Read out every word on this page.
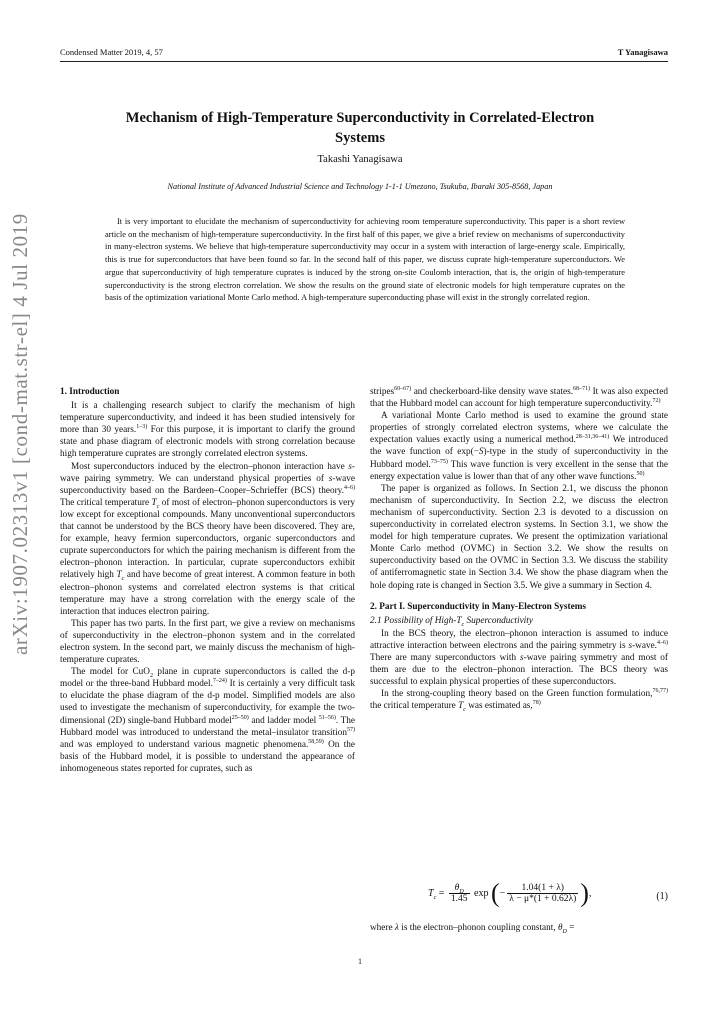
Condensed Matter 2019, 4, 57	T Yanagisawa
arXiv:1907.02313v1 [cond-mat.str-el] 4 Jul 2019
Mechanism of High-Temperature Superconductivity in Correlated-Electron Systems
Takashi Yanagisawa
National Institute of Advanced Industrial Science and Technology 1-1-1 Umezono, Tsukuba, Ibaraki 305-8568, Japan
It is very important to elucidate the mechanism of superconductivity for achieving room temperature superconductivity. This paper is a short review article on the mechanism of high-temperature superconductivity. In the first half of this paper, we give a brief review on mechanisms of superconductivity in many-electron systems. We believe that high-temperature superconductivity may occur in a system with interaction of large-energy scale. Empirically, this is true for superconductors that have been found so far. In the second half of this paper, we discuss cuprate high-temperature superconductors. We argue that superconductivity of high temperature cuprates is induced by the strong on-site Coulomb interaction, that is, the origin of high-temperature superconductivity is the strong electron correlation. We show the results on the ground state of electronic models for high temperature cuprates on the basis of the optimization variational Monte Carlo method. A high-temperature superconducting phase will exist in the strongly correlated region.
1. Introduction

It is a challenging research subject to clarify the mechanism of high temperature superconductivity, and indeed it has been studied intensively for more than 30 years.$^{1-3)}$ For this purpose, it is important to clarify the ground state and phase diagram of electronic models with strong correlation because high temperature cuprates are strongly correlated electron systems.

Most superconductors induced by the electron–phonon interaction have s-wave pairing symmetry. We can understand physical properties of s-wave superconductivity based on the Bardeen–Cooper–Schrieffer (BCS) theory.$^{4-6)}$ The critical temperature $T_c$ of most of electron–phonon superconductors is very low except for exceptional compounds. Many unconventional superconductors that cannot be understood by the BCS theory have been discovered. They are, for example, heavy fermion superconductors, organic superconductors and cuprate superconductors for which the pairing mechanism is different from the electron–phonon interaction. In particular, cuprate superconductors exhibit relatively high $T_c$ and have become of great interest. A common feature in both electron–phonon systems and correlated electron systems is that critical temperature may have a strong correlation with the energy scale of the interaction that induces electron pairing.

This paper has two parts. In the first part, we give a review on mechanisms of superconductivity in the electron–phonon system and in the correlated electron system. In the second part, we mainly discuss the mechanism of high-temperature cuprates.

The model for CuO$_2$ plane in cuprate superconductors is called the d-p model or the three-band Hubbard model.$^{7-24)}$ It is certainly a very difficult task to elucidate the phase diagram of the d-p model. Simplified models are also used to investigate the mechanism of superconductivity, for example the two-dimensional (2D) single-band Hubbard model$^{25-50)}$ and ladder model $^{51-56)}$. The Hubbard model was introduced to understand the metal–insulator transition$^{57)}$ and was employed to understand various magnetic phenomena.$^{58,59)}$ On the basis of the Hubbard model, it is possible to understand the appearance of inhomogeneous states reported for cuprates, such as

stripes$^{60-67)}$ and checkerboard-like density wave states.$^{68-71)}$ It was also expected that the Hubbard model can account for high temperature superconductivity.$^{72)}$

A variational Monte Carlo method is used to examine the ground state properties of strongly correlated electron systems, where we calculate the expectation values exactly using a numerical method.$^{28-31,36-41)}$ We introduced the wave function of exp(−S)-type in the study of superconductivity in the Hubbard model.$^{73-75)}$ This wave function is very excellent in the sense that the energy expectation value is lower than that of any other wave functions.$^{50)}$

The paper is organized as follows. In Section 2.1, we discuss the phonon mechanism of superconductivity. In Section 2.2, we discuss the electron mechanism of superconductivity. Section 2.3 is devoted to a discussion on superconductivity in correlated electron systems. In Section 3.1, we show the model for high temperature cuprates. We present the optimization variational Monte Carlo method (OVMC) in Section 3.2. We show the results on superconductivity based on the OVMC in Section 3.3. We discuss the stability of antiferromagnetic state in Section 3.4. We show the phase diagram when the hole doping rate is changed in Section 3.5. We give a summary in Section 4.

2. Part I. Superconductivity in Many-Electron Systems
2.1 Possibility of High-$T_c$ Superconductivity

In the BCS theory, the electron–phonon interaction is assumed to induce attractive interaction between electrons and the pairing symmetry is s-wave.$^{4-6)}$ There are many superconductors with s-wave pairing symmetry and most of them are due to the electron–phonon interaction. The BCS theory was successful to explain physical properties of these superconductors.

In the strong-coupling theory based on the Green function formulation,$^{76,77)}$ the critical temperature $T_c$ was estimated as,$^{78)}$

$T_c = \frac{\theta_D}{1.45}$ exp (− $\frac{1.04(1 + \lambda)}{\lambda - \mu*(1 + 0.62\lambda)}$ ),	(1)
where λ is the electron–phonon coupling constant, $\theta_D$ =
1
